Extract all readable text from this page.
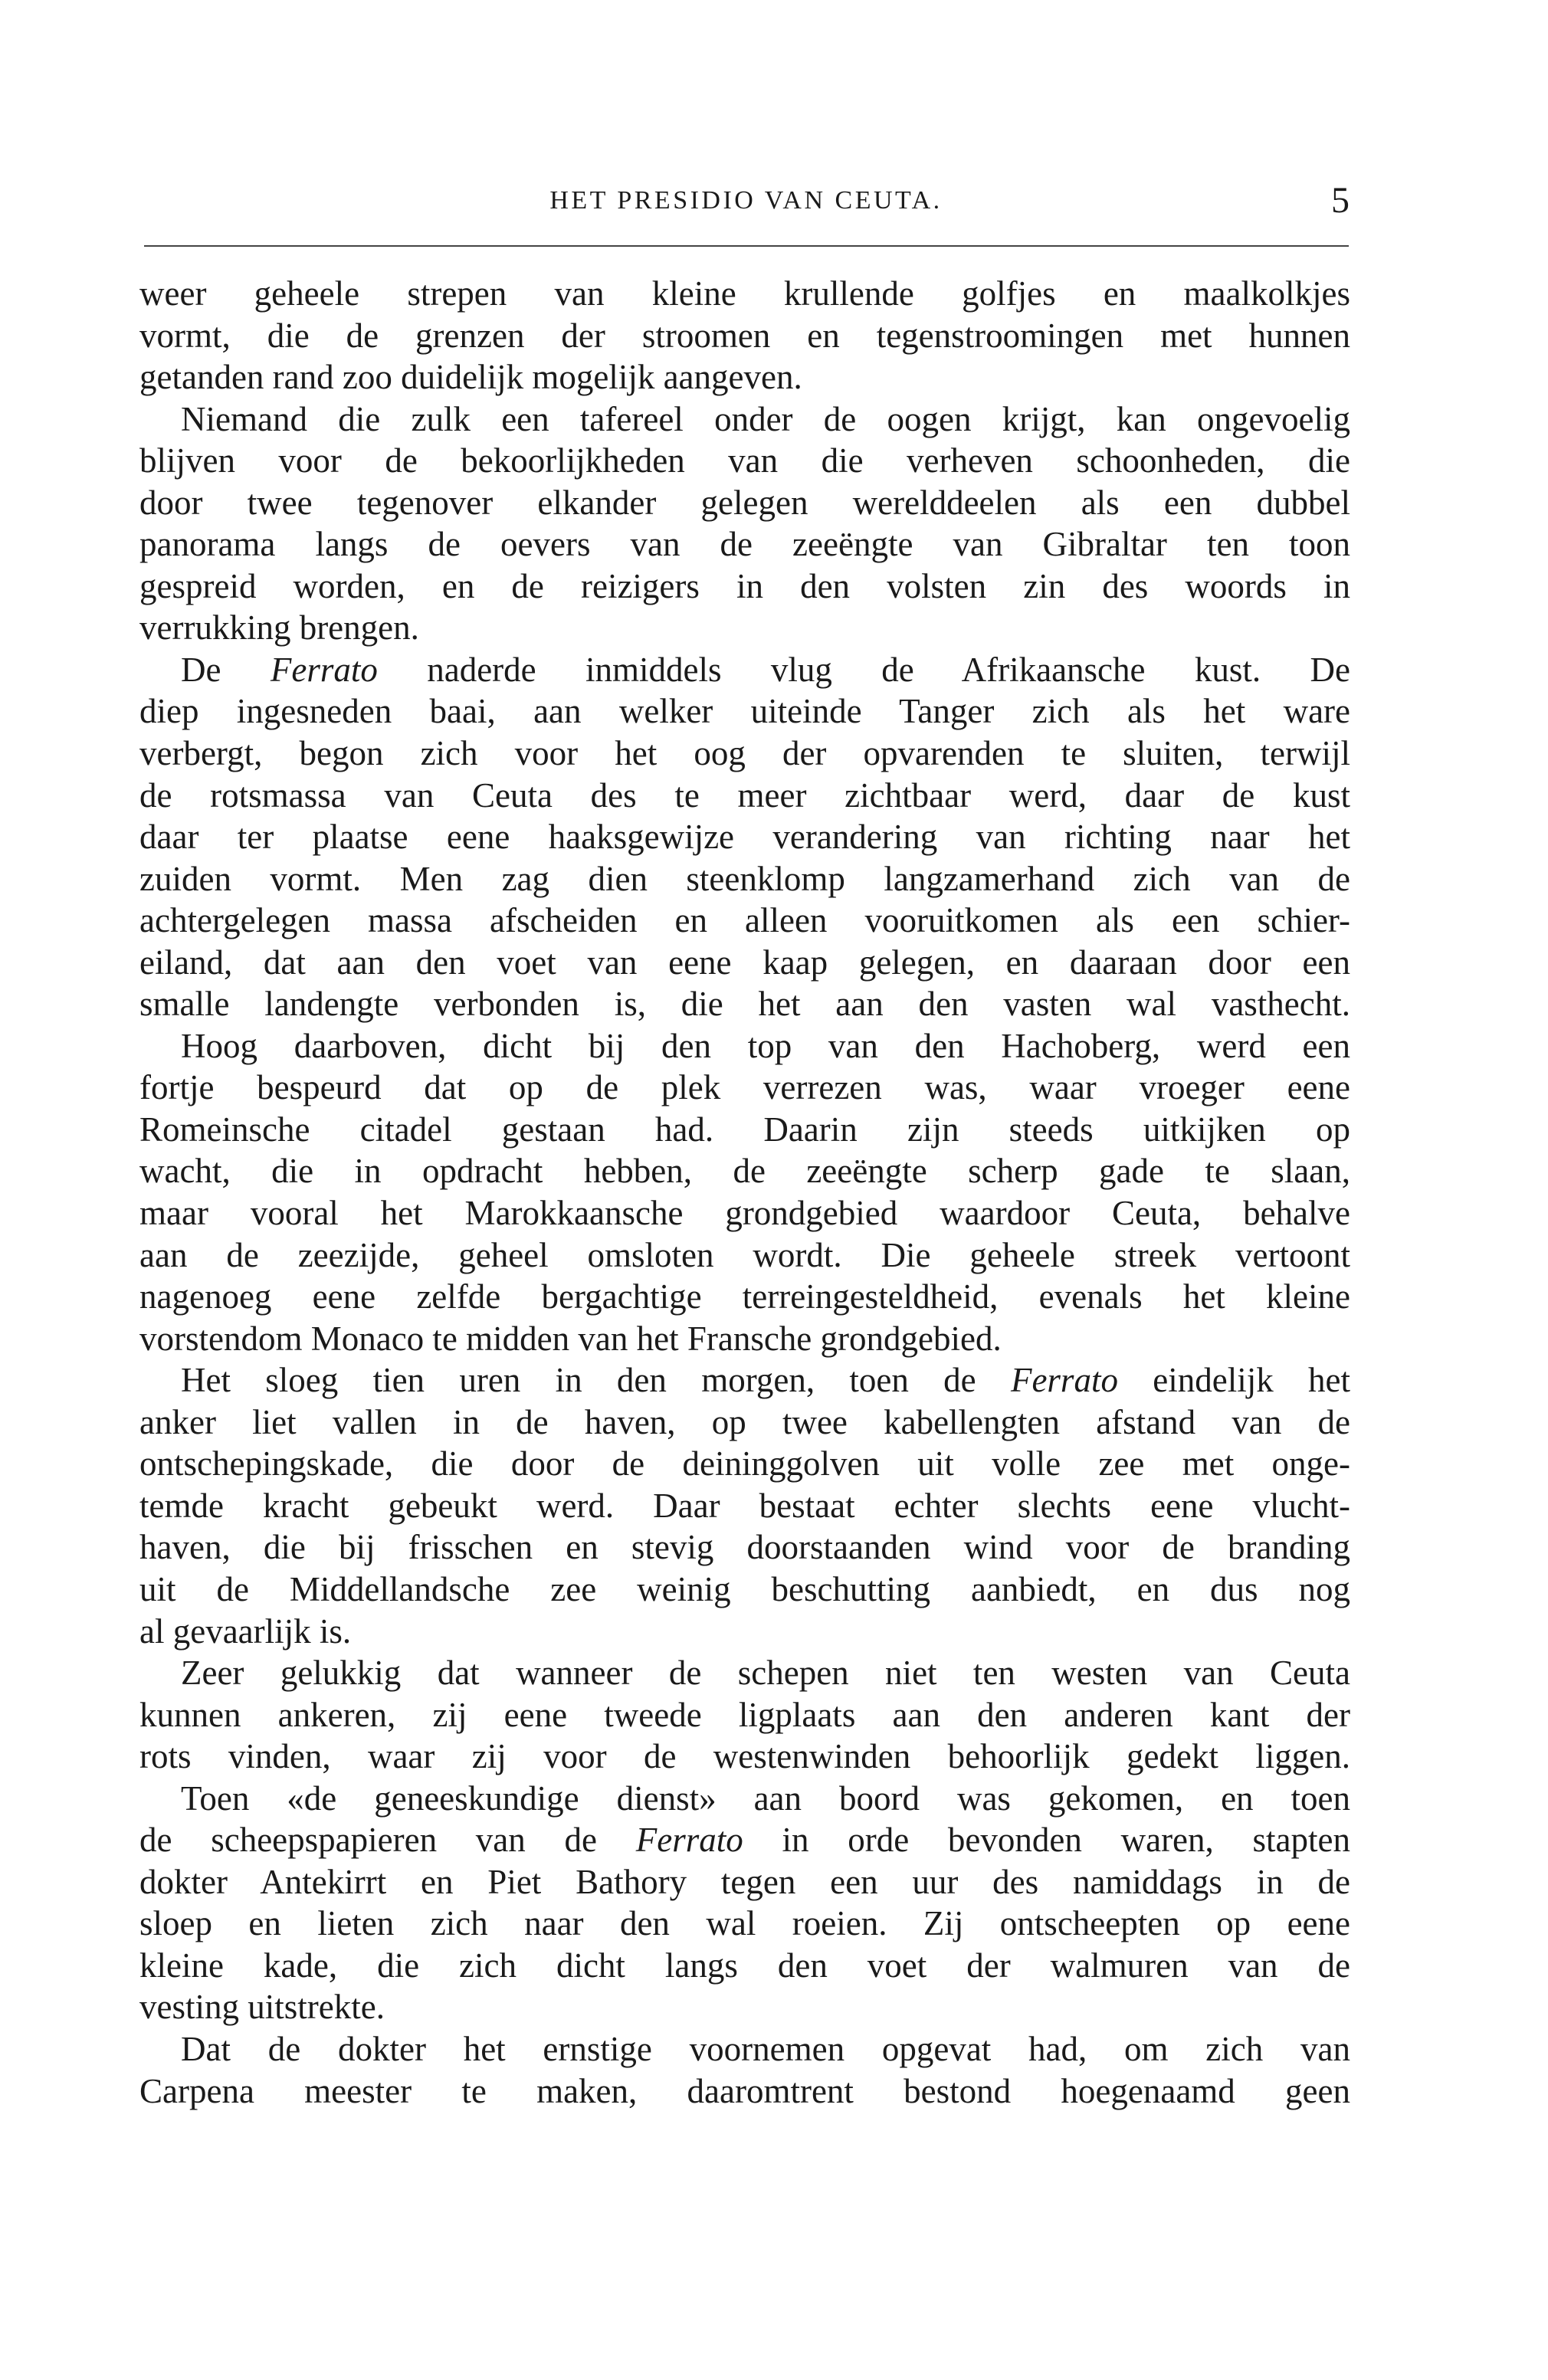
HET PRESIDIO VAN CEUTA.	5
weer geheele strepen van kleine krullende golfjes en maalkolkjes
vormt, die de grenzen der stroomen en tegenstroomingen met hunnen
getanden rand zoo duidelijk mogelijk aangeven.
Niemand die zulk een tafereel onder de oogen krijgt, kan ongevoelig
blijven voor de bekoorlijkheden van die verheven schoonheden, die
door twee tegenover elkander gelegen werelddeelen als een dubbel
panorama langs de oevers van de zeeëngte van Gibraltar ten toon
gespreid worden, en de reizigers in den volsten zin des woords in
verrukking brengen.
De Ferrato naderde inmiddels vlug de Afrikaansche kust. De
diep ingesneden baai, aan welker uiteinde Tanger zich als het ware
verbergt, begon zich voor het oog der opvarenden te sluiten, terwijl
de rotsmassa van Ceuta des te meer zichtbaar werd, daar de kust
daar ter plaatse eene haaksgewijze verandering van richting naar het
zuiden vormt. Men zag dien steenklomp langzamerhand zich van de
achtergelegen massa afscheiden en alleen vooruitkomen als een schier-
eiland, dat aan den voet van eene kaap gelegen, en daaraan door een
smalle landengte verbonden is, die het aan den vasten wal vasthecht.
Hoog daarboven, dicht bij den top van den Hachoberg, werd een
fortje bespeurd dat op de plek verrezen was, waar vroeger eene
Romeinsche citadel gestaan had. Daarin zijn steeds uitkijken op
wacht, die in opdracht hebben, de zeeëngte scherp gade te slaan,
maar vooral het Marokkaansche grondgebied waardoor Ceuta, behalve
aan de zeezijde, geheel omsloten wordt. Die geheele streek vertoont
nagenoeg eene zelfde bergachtige terreingesteldheid, evenals het kleine
vorstendom Monaco te midden van het Fransche grondgebied.
Het sloeg tien uren in den morgen, toen de Ferrato eindelijk het
anker liet vallen in de haven, op twee kabellengten afstand van de
ontschepingskade, die door de deininggolven uit volle zee met onge-
temde kracht gebeukt werd. Daar bestaat echter slechts eene vlucht-
haven, die bij frisschen en stevig doorstaanden wind voor de branding
uit de Middellandsche zee weinig beschutting aanbiedt, en dus nog
al gevaarlijk is.
Zeer gelukkig dat wanneer de schepen niet ten westen van Ceuta
kunnen ankeren, zij eene tweede ligplaats aan den anderen kant der
rots vinden, waar zij voor de westenwinden behoorlijk gedekt liggen.
Toen «de geneeskundige dienst» aan boord was gekomen, en toen
de scheepspapieren van de Ferrato in orde bevonden waren, stapten
dokter Antekirrt en Piet Bathory tegen een uur des namiddags in de
sloep en lieten zich naar den wal roeien. Zij ontscheepten op eene
kleine kade, die zich dicht langs den voet der walmuren van de
vesting uitstrekte.
Dat de dokter het ernstige voornemen opgevat had, om zich van
Carpena meester te maken, daaromtrent bestond hoegenaamd geen
